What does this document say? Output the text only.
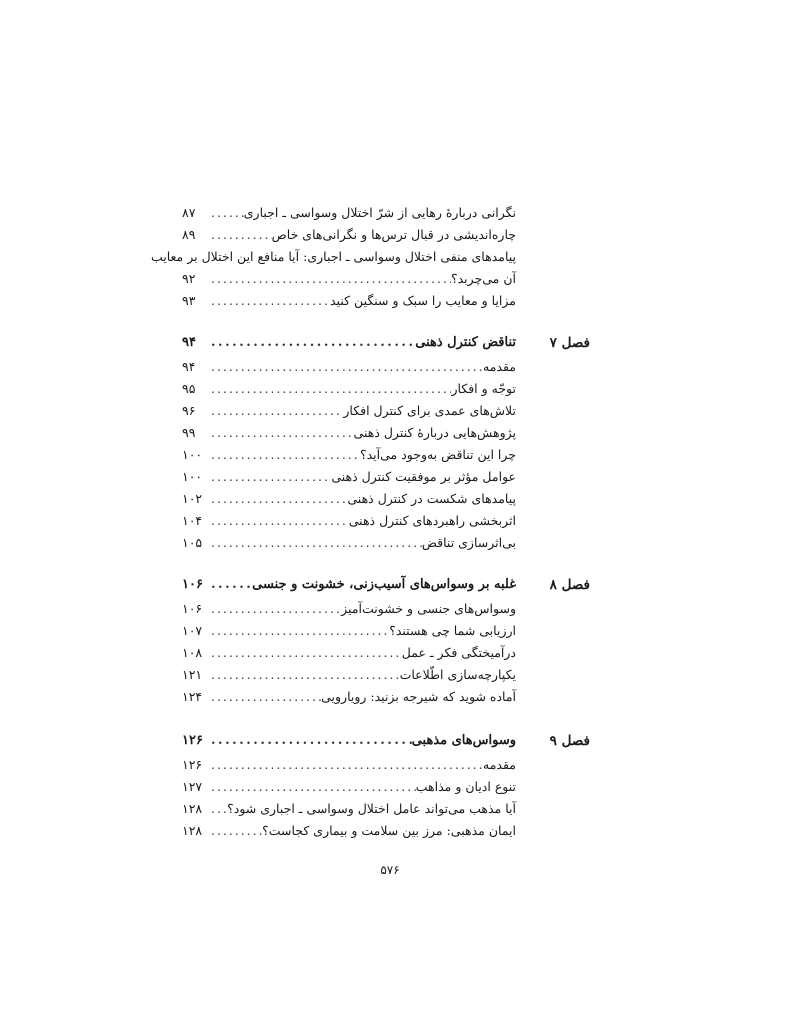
نگرانی دربارهٔ رهایی از شرّ اختلال وسواسی ـ اجباری
. . .
۸۷
چاره‌اندیشی در قبال ترس‌ها و نگرانی‌های خاص
. . .
۸۹
پیامدهای منفی اختلال وسواسی ـ اجباری: آیا منافع این اختلال بر معایب
آن می‌چربد؟
. . .
۹۲
مزایا و معایب را سبک و سنگین کنید
. . .
۹۳
فصل ۷
تناقض کنترل ذهنی
. . .
۹۴
مقدمه
. . .
۹۴
توجّه و افکار
. . .
۹۵
تلاش‌های عمدی برای کنترل افکار
. . .
۹۶
پژوهش‌هایی دربارهٔ کنترل ذهنی
. . .
۹۹
چرا این تناقض به‌وجود می‌آید؟
. . .
۱۰۰
عوامل مؤثر بر موفقیت کنترل ذهنی
. . .
۱۰۰
پیامدهای شکست در کنترل ذهنی
. . .
۱۰۲
اثربخشی راهبردهای کنترل ذهنی
. . .
۱۰۴
بی‌اثرسازی تناقض
. . .
۱۰۵
فصل ۸
غلبه بر وسواس‌های آسیب‌زنی، خشونت و جنسی
. . .
۱۰۶
وسواس‌های جنسی و خشونت‌آمیز
. . .
۱۰۶
ارزیابی شما چی هستند؟
. . .
۱۰۷
درآمیختگی فکر ـ عمل
. . .
۱۰۸
یکپارچه‌سازی اطّلاعات
. . .
۱۲۱
آماده شوید که شیرجه بزنید: رویارویی
. . .
۱۲۴
فصل ۹
وسواس‌های مذهبی
. . .
۱۲۶
مقدمه
. . .
۱۲۶
تنوع ادیان و مذاهب
. . .
۱۲۷
آیا مذهب می‌تواند عامل اختلال وسواسی ـ اجباری شود؟
. . .
۱۲۸
ایمان مذهبی: مرز بین سلامت و بیماری کجاست؟
. . .
۱۲۸
۵۷۶
